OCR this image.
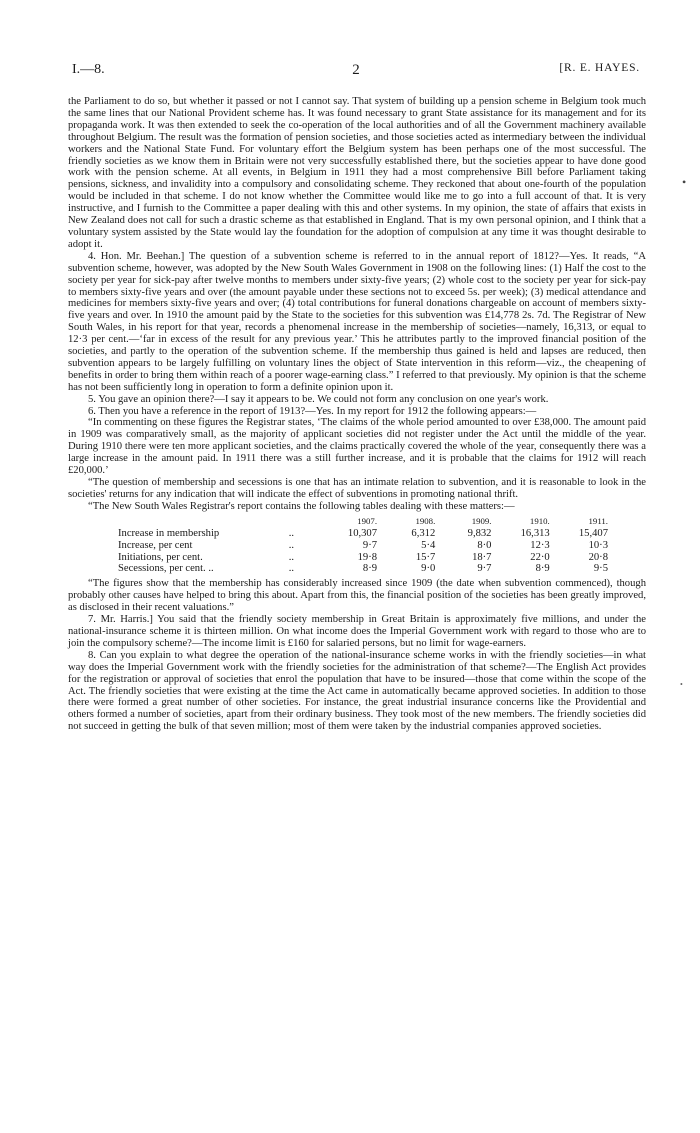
I.—8.	2	[R. E. HAYES.

the Parliament to do so, but whether it passed or not I cannot say. That system of building up a pension scheme in Belgium took much the same lines that our National Provident scheme has. It was found necessary to grant State assistance for its management and for its propaganda work. It was then extended to seek the co-operation of the local authorities and of all the Government machinery available throughout Belgium. The result was the formation of pension societies, and those societies acted as intermediary between the individual workers and the National State Fund. For voluntary effort the Belgium system has been perhaps one of the most successful. The friendly societies as we know them in Britain were not very successfully established there, but the societies appear to have done good work with the pension scheme. At all events, in Belgium in 1911 they had a most comprehensive Bill before Parliament taking pensions, sickness, and invalidity into a compulsory and consolidating scheme. They reckoned that about one-fourth of the population would be included in that scheme. I do not know whether the Committee would like me to go into a full account of that. It is very instructive, and I furnish to the Committee a paper dealing with this and other systems. In my opinion, the state of affairs that exists in New Zealand does not call for such a drastic scheme as that established in England. That is my own personal opinion, and I think that a voluntary system assisted by the State would lay the foundation for the adoption of compulsion at any time it was thought desirable to adopt it.

4. Hon. Mr. Beehan.] The question of a subvention scheme is referred to in the annual report of 1812?—Yes. It reads, “A subvention scheme, however, was adopted by the New South Wales Government in 1908 on the following lines: (1) Half the cost to the society per year for sick-pay after twelve months to members under sixty-five years; (2) whole cost to the society per year for sick-pay to members sixty-five years and over (the amount payable under these sections not to exceed 5s. per week); (3) medical attendance and medicines for members sixty-five years and over; (4) total contributions for funeral donations chargeable on account of members sixty-five years and over. In 1910 the amount paid by the State to the societies for this subvention was £14,778 2s. 7d. The Registrar of New South Wales, in his report for that year, records a phenomenal increase in the membership of societies—namely, 16,313, or equal to 12·3 per cent.—‘far in excess of the result for any previous year.’ This he attributes partly to the improved financial position of the societies, and partly to the operation of the subvention scheme. If the membership thus gained is held and lapses are reduced, then subvention appears to be largely fulfilling on voluntary lines the object of State intervention in this reform—viz., the cheapening of benefits in order to bring them within reach of a poorer wage-earning class.” I referred to that previously. My opinion is that the scheme has not been sufficiently long in operation to form a definite opinion upon it.

5. You gave an opinion there?—I say it appears to be. We could not form any conclusion on one year's work.

6. Then you have a reference in the report of 1913?—Yes. In my report for 1912 the following appears:—

“In commenting on these figures the Registrar states, ‘The claims of the whole period amounted to over £38,000. The amount paid in 1909 was comparatively small, as the majority of applicant societies did not register under the Act until the middle of the year. During 1910 there were ten more applicant societies, and the claims practically covered the whole of the year, consequently there was a large increase in the amount paid. In 1911 there was a still further increase, and it is probable that the claims for 1912 will reach £20,000.’

“The question of membership and secessions is one that has an intimate relation to subvention, and it is reasonable to look in the societies' returns for any indication that will indicate the effect of subventions in promoting national thrift.

“The New South Wales Registrar's report contains the following tables dealing with these matters:—

		1907.	1908.	1909.	1910.	1911.
Increase in membership	..	10,307	6,312	9,832	16,313	15,407
Increase, per cent	..	9·7	5·4	8·0	12·3	10·3
Initiations, per cent.	..	19·8	15·7	18·7	22·0	20·8
Secessions, per cent. ..	..	8·9	9·0	9·7	8·9	9·5

“The figures show that the membership has considerably increased since 1909 (the date when subvention commenced), though probably other causes have helped to bring this about. Apart from this, the financial position of the societies has been greatly improved, as disclosed in their recent valuations.”

7. Mr. Harris.] You said that the friendly society membership in Great Britain is approximately five millions, and under the national-insurance scheme it is thirteen million. On what income does the Imperial Government work with regard to those who are to join the compulsory scheme?—The income limit is £160 for salaried persons, but no limit for wage-earners.

8. Can you explain to what degree the operation of the national-insurance scheme works in with the friendly societies—in what way does the Imperial Government work with the friendly societies for the administration of that scheme?—The English Act provides for the registration or approval of societies that enrol the population that have to be insured—those that come within the scope of the Act. The friendly societies that were existing at the time the Act came in automatically became approved societies. In addition to those there were formed a great number of other societies. For instance, the great industrial insurance concerns like the Providential and others formed a number of societies, apart from their ordinary business. They took most of the new members. The friendly societies did not succeed in getting the bulk of that seven million; most of them were taken by the industrial companies approved societies.

•
•
